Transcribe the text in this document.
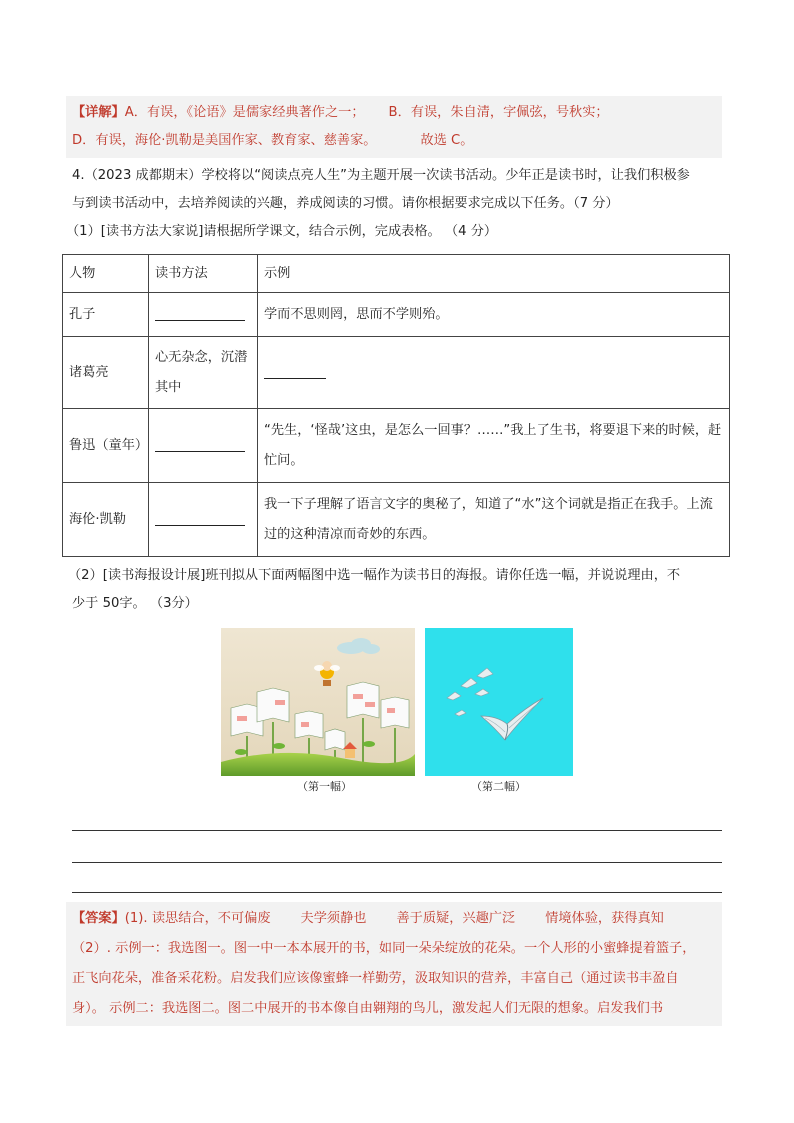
【详解】A．有误，《论语》是儒家经典著作之一； B．有误，朱自清，字佩弦，号秋实；
D．有误，海伦·凯勒是美国作家、教育家、慈善家。	故选 C。
4.（2023 成都期末）学校将以“阅读点亮人生”为主题开展一次读书活动。少年正是读书时，让我们积极参
与到读书活动中，去培养阅读的兴趣，养成阅读的习惯。请你根据要求完成以下任务。（7 分）
（1）[读书方法大家说]请根据所学课文，结合示例，完成表格。 （4 分）
人物	读书方法	示例
孔子		学而不思则罔，思而不学则殆。
诸葛亮	心无杂念，沉潜其中	
鲁迅（童年）		“先生，‘怪哉’这虫，是怎么一回事？……”我上了生书，将要退下来的时候，赶忙问。
海伦·凯勒		我一下子理解了语言文字的奥秘了，知道了“水”这个词就是指正在我手。上流过的这种清凉而奇妙的东西。
（2）[读书海报设计展]班刊拟从下面两幅图中选一幅作为读书日的海报。请你任选一幅，并说说理由，不
少于 50字。 （3分）
（第一幅）	（第二幅）
【答案】(1). 读思结合，不可偏废 夫学须静也 善于质疑，兴趣广泛 情境体验，获得真知
（2）. 示例一：我选图一。图一中一本本展开的书，如同一朵朵绽放的花朵。一个人形的小蜜蜂提着篮子，
正飞向花朵，准备采花粉。启发我们应该像蜜蜂一样勤劳，汲取知识的营养，丰富自己（通过读书丰盈自
身）。 示例二：我选图二。图二中展开的书本像自由翱翔的鸟儿，激发起人们无限的想象。启发我们书
